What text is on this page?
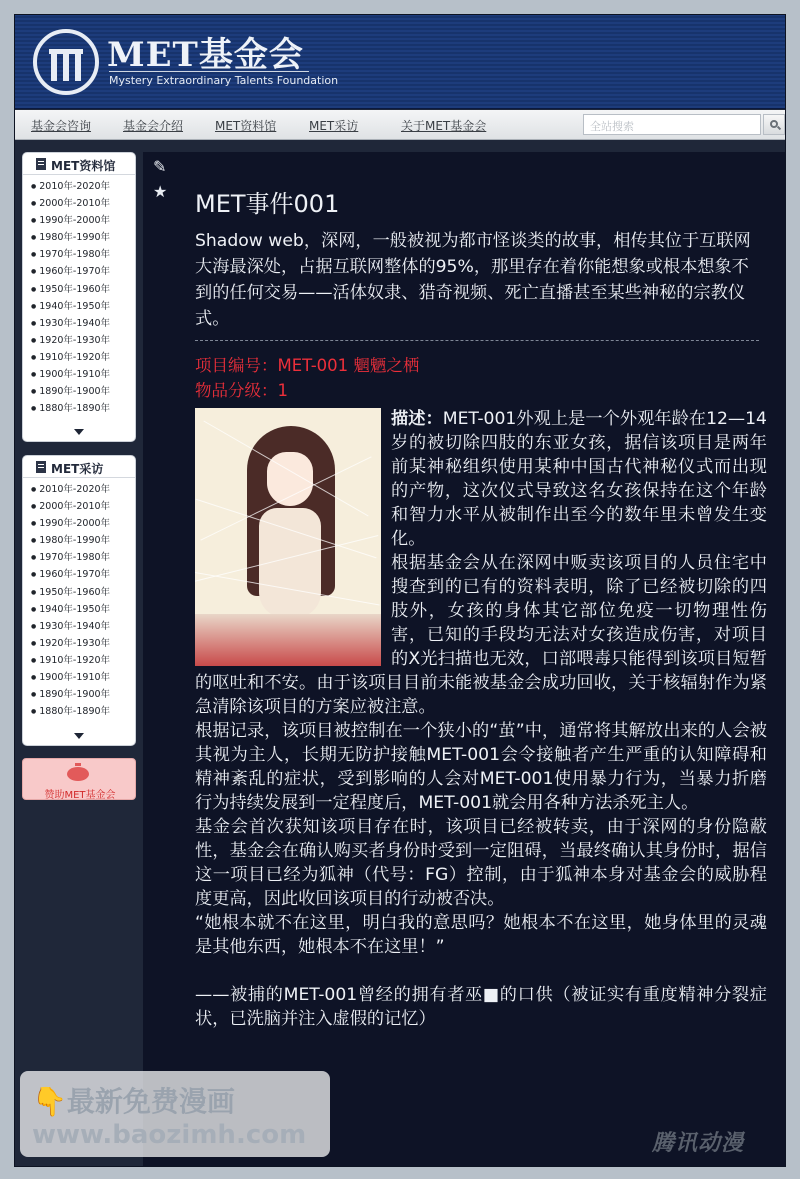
MET基金会
Mystery Extraordinary Talents Foundation
基金会咨询	基金会介绍	MET资料馆	MET采访	关于MET基金会	全站搜索
MET资料馆
● 2010年-2020年
● 2000年-2010年
● 1990年-2000年
● 1980年-1990年
● 1970年-1980年
● 1960年-1970年
● 1950年-1960年
● 1940年-1950年
● 1930年-1940年
● 1920年-1930年
● 1910年-1920年
● 1900年-1910年
● 1890年-1900年
● 1880年-1890年
MET采访
● 2010年-2020年
● 2000年-2010年
● 1990年-2000年
● 1980年-1990年
● 1970年-1980年
● 1960年-1970年
● 1950年-1960年
● 1940年-1950年
● 1930年-1940年
● 1920年-1930年
● 1910年-1920年
● 1900年-1910年
● 1890年-1900年
● 1880年-1890年
赞助MET基金会
MET事件001
Shadow web，深网，一般被视为都市怪谈类的故事，相传其位于互联网大海最深处，占据互联网整体的95%，那里存在着你能想象或根本想象不到的任何交易——活体奴隶、猎奇视频、死亡直播甚至某些神秘的宗教仪式。
项目编号：MET-001 魍魉之栖
物品分级：1

描述：MET-001外观上是一个外观年龄在12—14岁的被切除四肢的东亚女孩，据信该项目是两年前某神秘组织使用某种中国古代神秘仪式而出现的产物，这次仪式导致这名女孩保持在这个年龄和智力水平从被制作出至今的数年里未曾发生变化。

根据基金会从在深网中贩卖该项目的人员住宅中搜查到的已有的资料表明，除了已经被切除的四肢外，女孩的身体其它部位免疫一切物理性伤害，已知的手段均无法对女孩造成伤害，对项目的X光扫描也无效，口部喂毒只能得到该项目短暂的呕吐和不安。由于该项目目前未能被基金会成功回收，关于核辐射作为紧急清除该项目的方案应被注意。

根据记录，该项目被控制在一个狭小的“茧”中，通常将其解放出来的人会被其视为主人，长期无防护接触MET-001会令接触者产生严重的认知障碍和精神紊乱的症状，受到影响的人会对MET-001使用暴力行为，当暴力折磨行为持续发展到一定程度后，MET-001就会用各种方法杀死主人。

基金会首次获知该项目存在时，该项目已经被转卖，由于深网的身份隐蔽性，基金会在确认购买者身份时受到一定阻碍，当最终确认其身份时，据信这一项目已经为狐神（代号：FG）控制，由于狐神本身对基金会的威胁程度更高，因此收回该项目的行动被否决。

“她根本就不在这里，明白我的意思吗？她根本不在这里，她身体里的灵魂是其他东西，她根本不在这里！”

——被捕的MET-001曾经的拥有者巫■的口供（被证实有重度精神分裂症状，已洗脑并注入虚假的记忆）

✎
★
👇最新免费漫画
www.baozimh.com	腾讯动漫
